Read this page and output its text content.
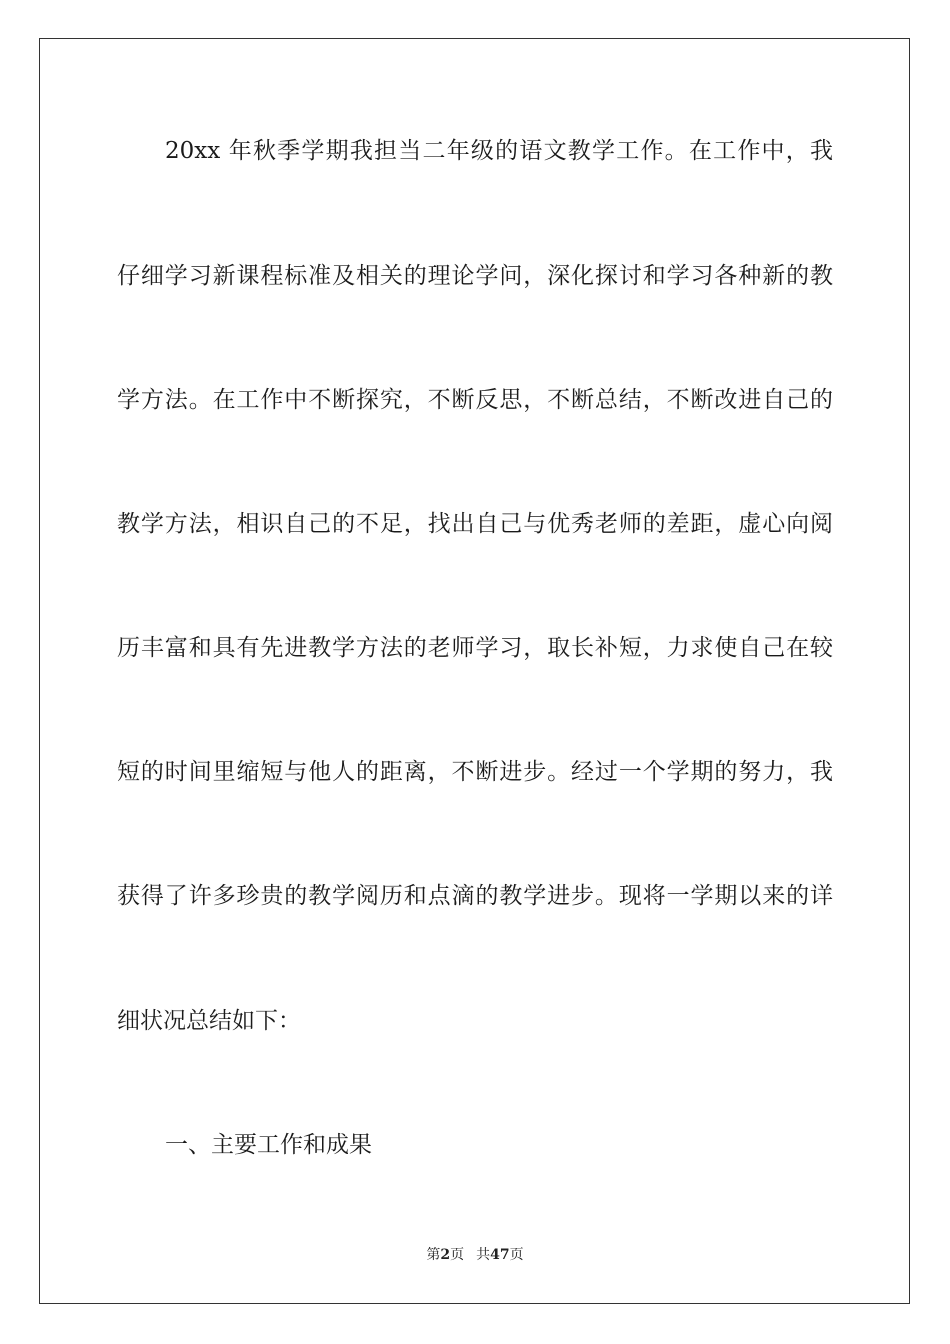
20xx 年秋季学期我担当二年级的语文教学工作。在工作中，我
仔细学习新课程标准及相关的理论学问，深化探讨和学习各种新的教
学方法。在工作中不断探究，不断反思，不断总结，不断改进自己的
教学方法，相识自己的不足，找出自己与优秀老师的差距，虚心向阅
历丰富和具有先进教学方法的老师学习，取长补短，力求使自己在较
短的时间里缩短与他人的距离，不断进步。经过一个学期的努力，我
获得了许多珍贵的教学阅历和点滴的教学进步。现将一学期以来的详
细状况总结如下：
一、主要工作和成果
第2页 共47页
